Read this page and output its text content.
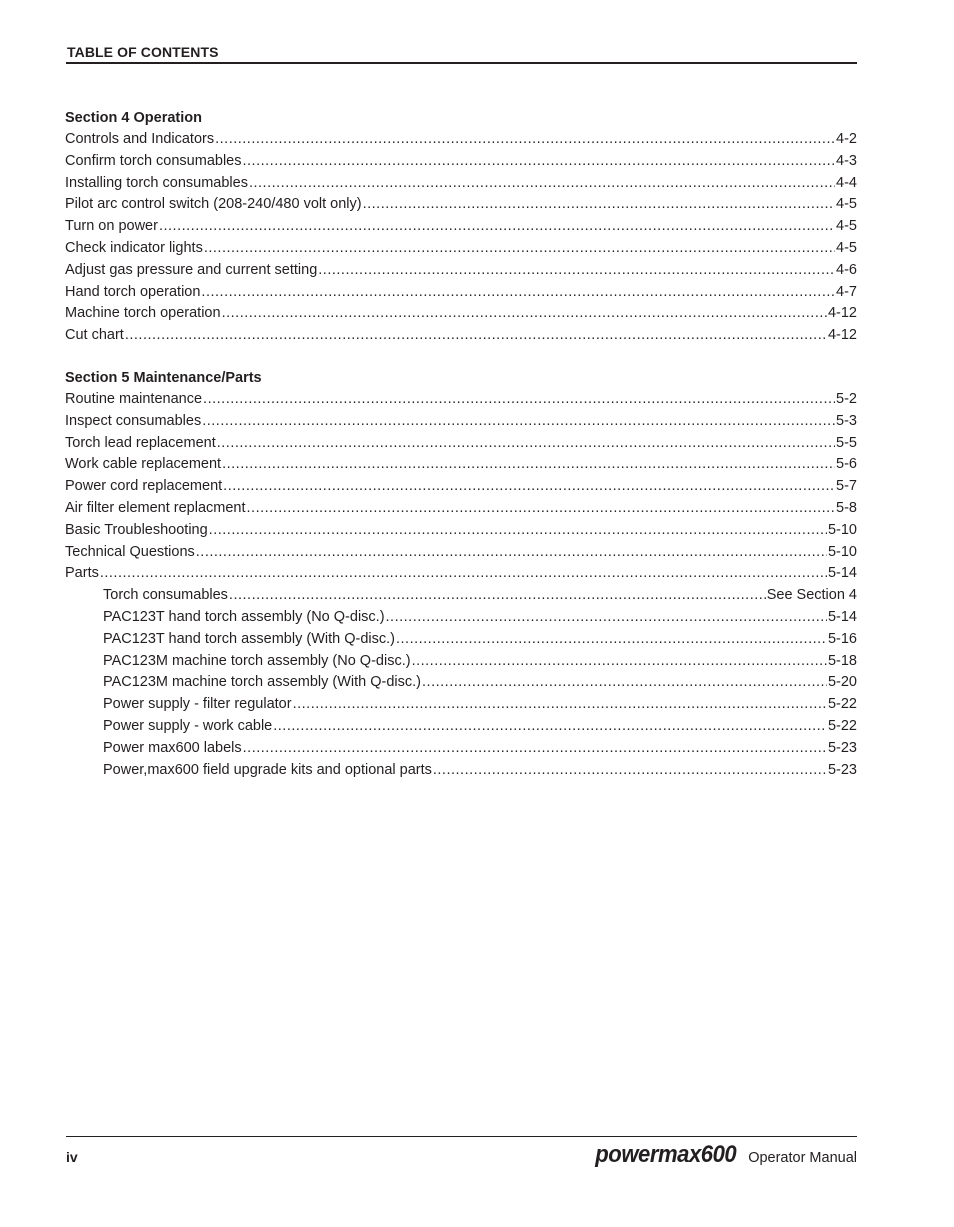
TABLE OF CONTENTS
Section 4 Operation
Controls and Indicators .....	4-2
Confirm torch consumables .....	4-3
Installing torch consumables .....	4-4
Pilot arc control switch (208-240/480 volt only) .....	4-5
Turn on power .....	4-5
Check indicator lights .....	4-5
Adjust gas pressure and current setting .....	4-6
Hand torch operation .....	4-7
Machine torch operation .....	4-12
Cut chart .....	4-12
Section 5 Maintenance/Parts
Routine maintenance .....	5-2
Inspect consumables .....	5-3
Torch lead replacement .....	5-5
Work cable replacement .....	5-6
Power cord replacement .....	5-7
Air filter element replacment .....	5-8
Basic Troubleshooting .....	5-10
Technical Questions .....	5-10
Parts .....	5-14
Torch consumables .....	See Section 4
PAC123T hand torch assembly (No Q-disc.) .....	5-14
PAC123T hand torch assembly (With Q-disc.) .....	5-16
PAC123M machine torch assembly (No Q-disc.) .....	5-18
PAC123M machine torch assembly (With Q-disc.) .....	5-20
Power supply - filter regulator .....	5-22
Power supply - work cable .....	5-22
Power max600 labels .....	5-23
Power,max600 field upgrade kits and optional parts .....	5-23
iv	powermax600 Operator Manual
